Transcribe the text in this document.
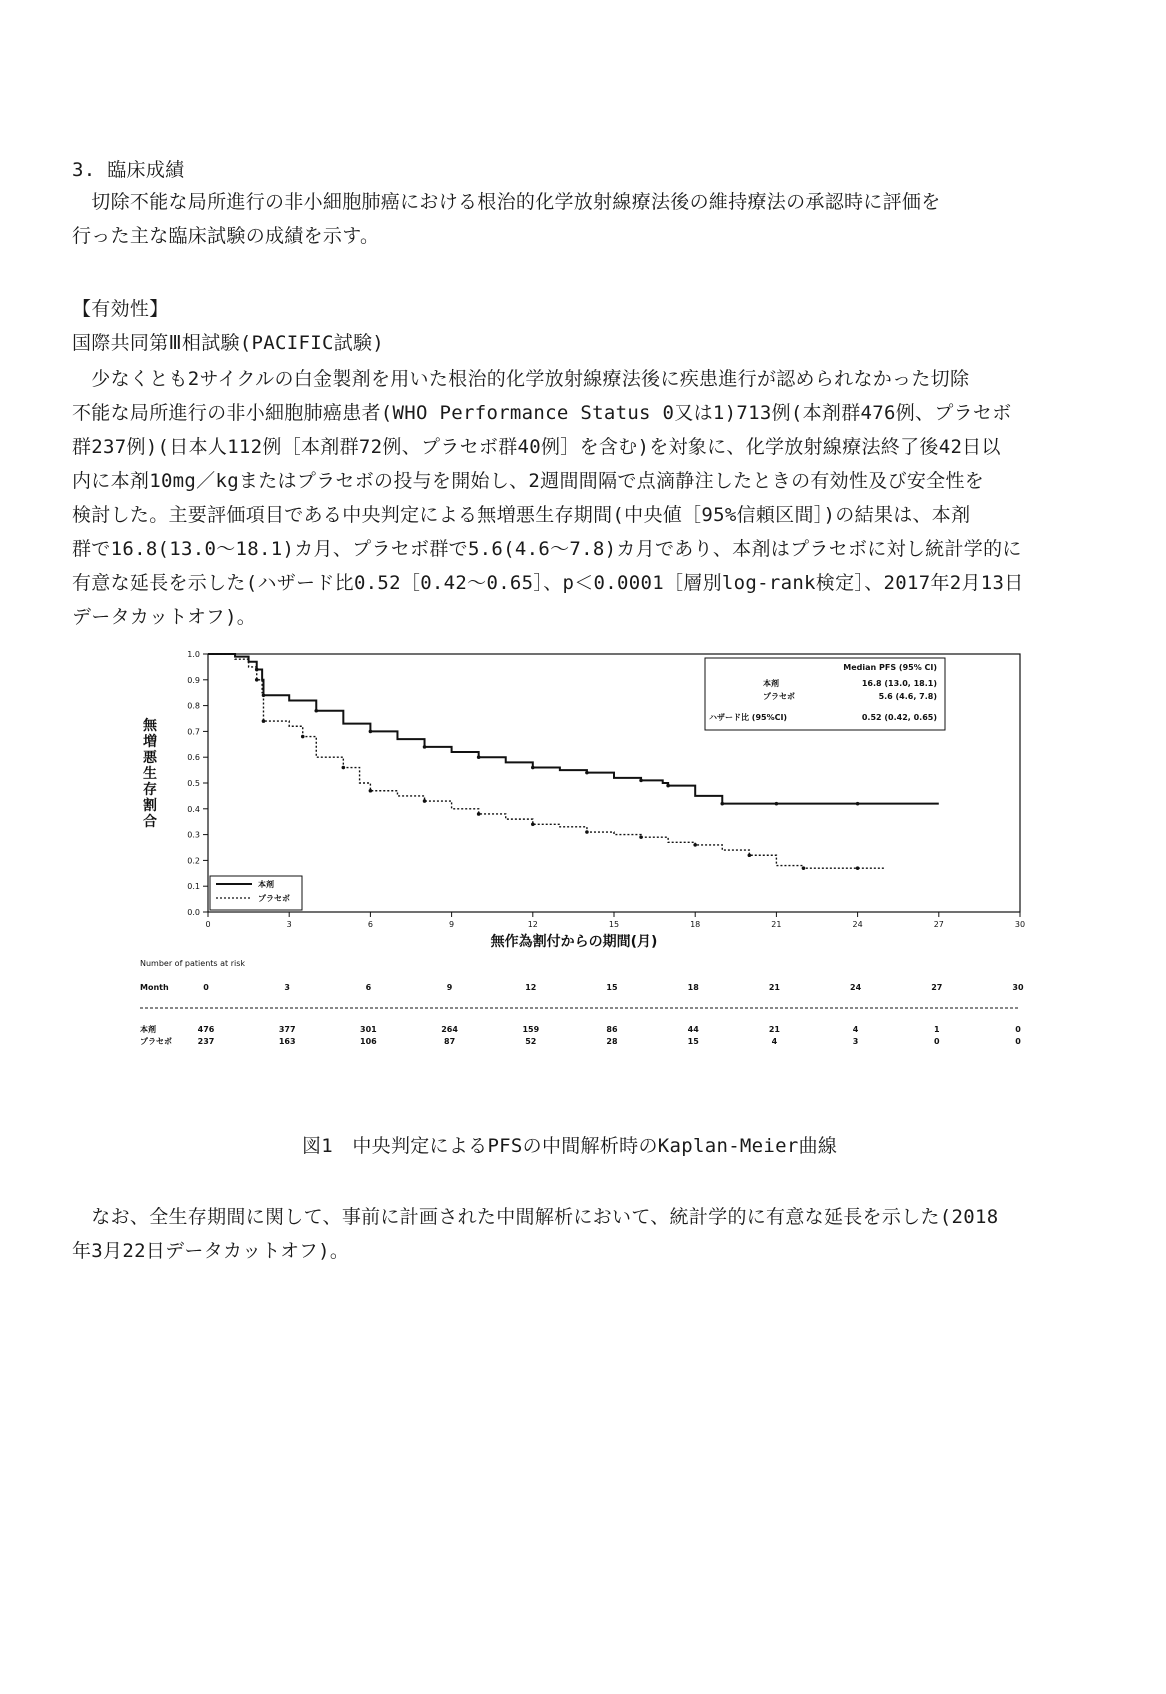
3. 臨床成績
　切除不能な局所進行の非小細胞肺癌における根治的化学放射線療法後の維持療法の承認時に評価を
行った主な臨床試験の成績を示す。
【有効性】
国際共同第Ⅲ相試験(PACIFIC試験)
　少なくとも2サイクルの白金製剤を用いた根治的化学放射線療法後に疾患進行が認められなかった切除
不能な局所進行の非小細胞肺癌患者(WHO Performance Status 0又は1)713例(本剤群476例、プラセボ
群237例)(日本人112例［本剤群72例、プラセボ群40例］を含む)を対象に、化学放射線療法終了後42日以
内に本剤10mg／kgまたはプラセボの投与を開始し、2週間間隔で点滴静注したときの有効性及び安全性を
検討した。主要評価項目である中央判定による無増悪生存期間(中央値［95%信頼区間］)の結果は、本剤
群で16.8(13.0～18.1)カ月、プラセボ群で5.6(4.6～7.8)カ月であり、本剤はプラセボに対し統計学的に
有意な延長を示した(ハザード比0.52［0.42～0.65］、p＜0.0001［層別log-rank検定］、2017年2月13日
データカットオフ)。
0.0
0.1
0.2
0.3
0.4
0.5
0.6
0.7
0.8
0.9
1.0
0	3	6	9	12	15	18	21	24	27	30
無
増
悪
生
存
割
合
無作為割付からの期間(月)
Median PFS (95% CI)
本剤	16.8 (13.0, 18.1)
プラセボ	5.6 (4.6, 7.8)
ハザード比 (95%CI)	0.52 (0.42, 0.65)
本剤
プラセボ
Number of patients at risk
Month	0	3	6	9	12	15	18	21	24	27	30
本剤	476	377	301	264	159	86	44	21	4	1	0
プラセボ	237	163	106	87	52	28	15	4	3	0	0
図1　中央判定によるPFSの中間解析時のKaplan-Meier曲線
　なお、全生存期間に関して、事前に計画された中間解析において、統計学的に有意な延長を示した(2018
年3月22日データカットオフ)。
